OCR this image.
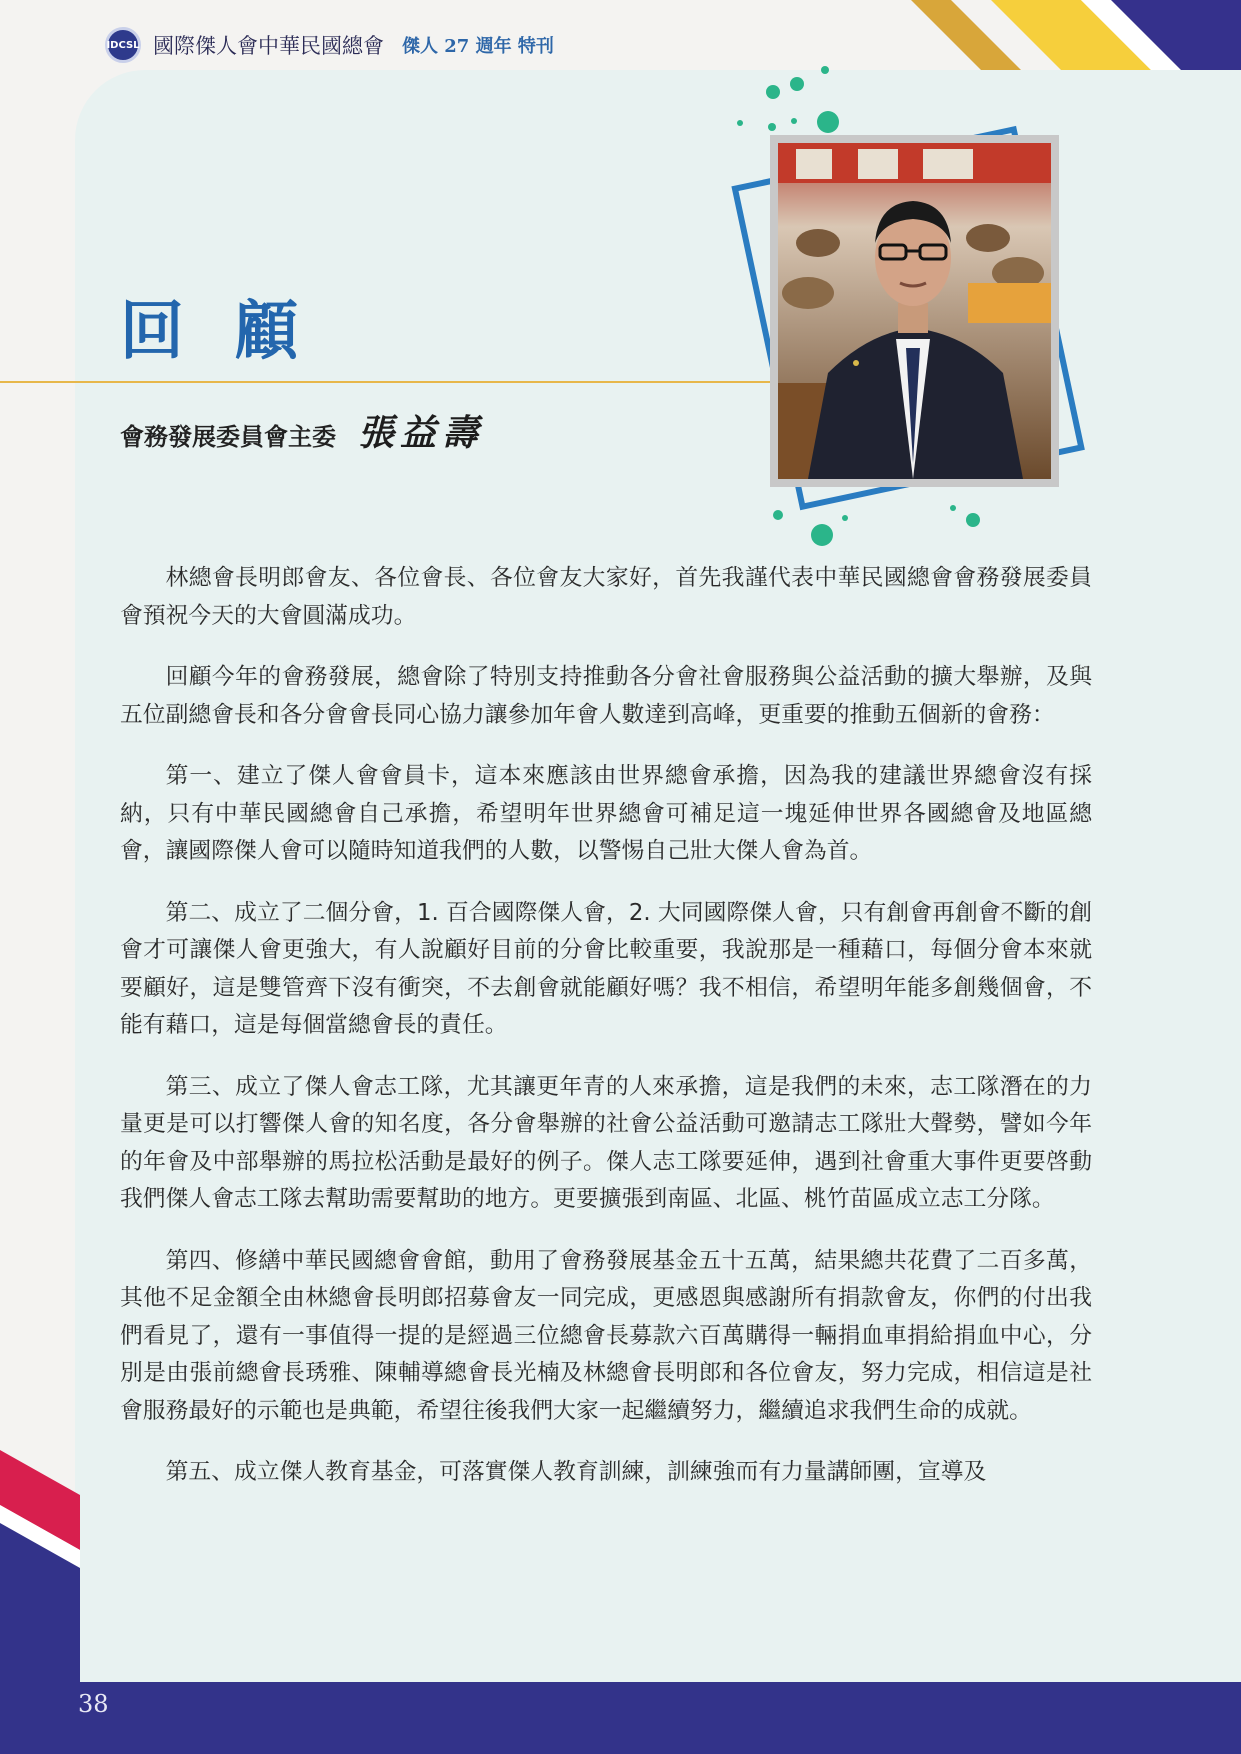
IDCSL 國際傑人會中華民國總會 傑人 27 週年 特刊
回 顧
會務發展委員會主委 張益壽

林總會長明郎會友、各位會長、各位會友大家好，首先我謹代表中華民國總會會務發展委員會預祝今天的大會圓滿成功。

回顧今年的會務發展，總會除了特別支持推動各分會社會服務與公益活動的擴大舉辦，及與五位副總會長和各分會會長同心協力讓參加年會人數達到高峰，更重要的推動五個新的會務：

第一、建立了傑人會會員卡，這本來應該由世界總會承擔，因為我的建議世界總會沒有採納，只有中華民國總會自己承擔，希望明年世界總會可補足這一塊延伸世界各國總會及地區總會，讓國際傑人會可以隨時知道我們的人數，以警惕自己壯大傑人會為首。

第二、成立了二個分會，1. 百合國際傑人會，2. 大同國際傑人會，只有創會再創會不斷的創會才可讓傑人會更強大，有人說顧好目前的分會比較重要，我說那是一種藉口，每個分會本來就要顧好，這是雙管齊下沒有衝突，不去創會就能顧好嗎？我不相信，希望明年能多創幾個會，不能有藉口，這是每個當總會長的責任。

第三、成立了傑人會志工隊，尤其讓更年青的人來承擔，這是我們的未來，志工隊潛在的力量更是可以打響傑人會的知名度，各分會舉辦的社會公益活動可邀請志工隊壯大聲勢，譬如今年的年會及中部舉辦的馬拉松活動是最好的例子。傑人志工隊要延伸，遇到社會重大事件更要啓動我們傑人會志工隊去幫助需要幫助的地方。更要擴張到南區、北區、桃竹苗區成立志工分隊。

第四、修繕中華民國總會會館，動用了會務發展基金五十五萬，結果總共花費了二百多萬，其他不足金額全由林總會長明郎招募會友一同完成，更感恩與感謝所有捐款會友，你們的付出我們看見了，還有一事值得一提的是經過三位總會長募款六百萬購得一輛捐血車捐給捐血中心，分別是由張前總會長琇雅、陳輔導總會長光楠及林總會長明郎和各位會友，努力完成，相信這是社會服務最好的示範也是典範，希望往後我們大家一起繼續努力，繼續追求我們生命的成就。

第五、成立傑人教育基金，可落實傑人教育訓練，訓練強而有力量講師團，宣導及

38
